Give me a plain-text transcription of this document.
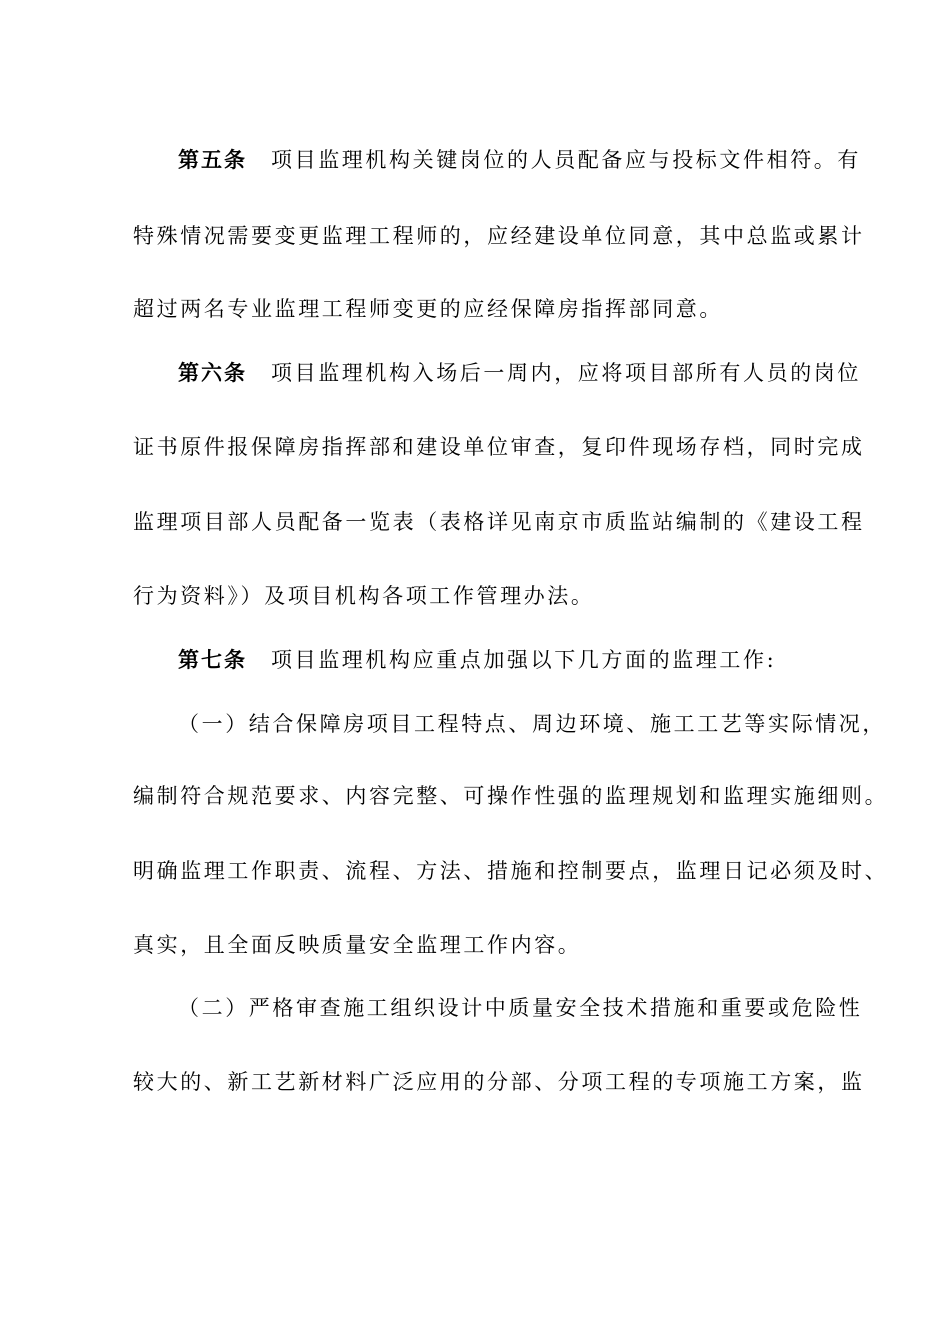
第五条 项目监理机构关键岗位的人员配备应与投标文件相符。有
特殊情况需要变更监理工程师的，应经建设单位同意，其中总监或累计
超过两名专业监理工程师变更的应经保障房指挥部同意。
第六条 项目监理机构入场后一周内，应将项目部所有人员的岗位
证书原件报保障房指挥部和建设单位审查，复印件现场存档，同时完成
监理项目部人员配备一览表（表格详见南京市质监站编制的《建设工程
行为资料》）及项目机构各项工作管理办法。
第七条 项目监理机构应重点加强以下几方面的监理工作:
（一）结合保障房项目工程特点、周边环境、施工工艺等实际情况，
编制符合规范要求、内容完整、可操作性强的监理规划和监理实施细则。
明确监理工作职责、流程、方法、措施和控制要点，监理日记必须及时、
真实，且全面反映质量安全监理工作内容。
（二）严格审查施工组织设计中质量安全技术措施和重要或危险性
较大的、新工艺新材料广泛应用的分部、分项工程的专项施工方案，监
